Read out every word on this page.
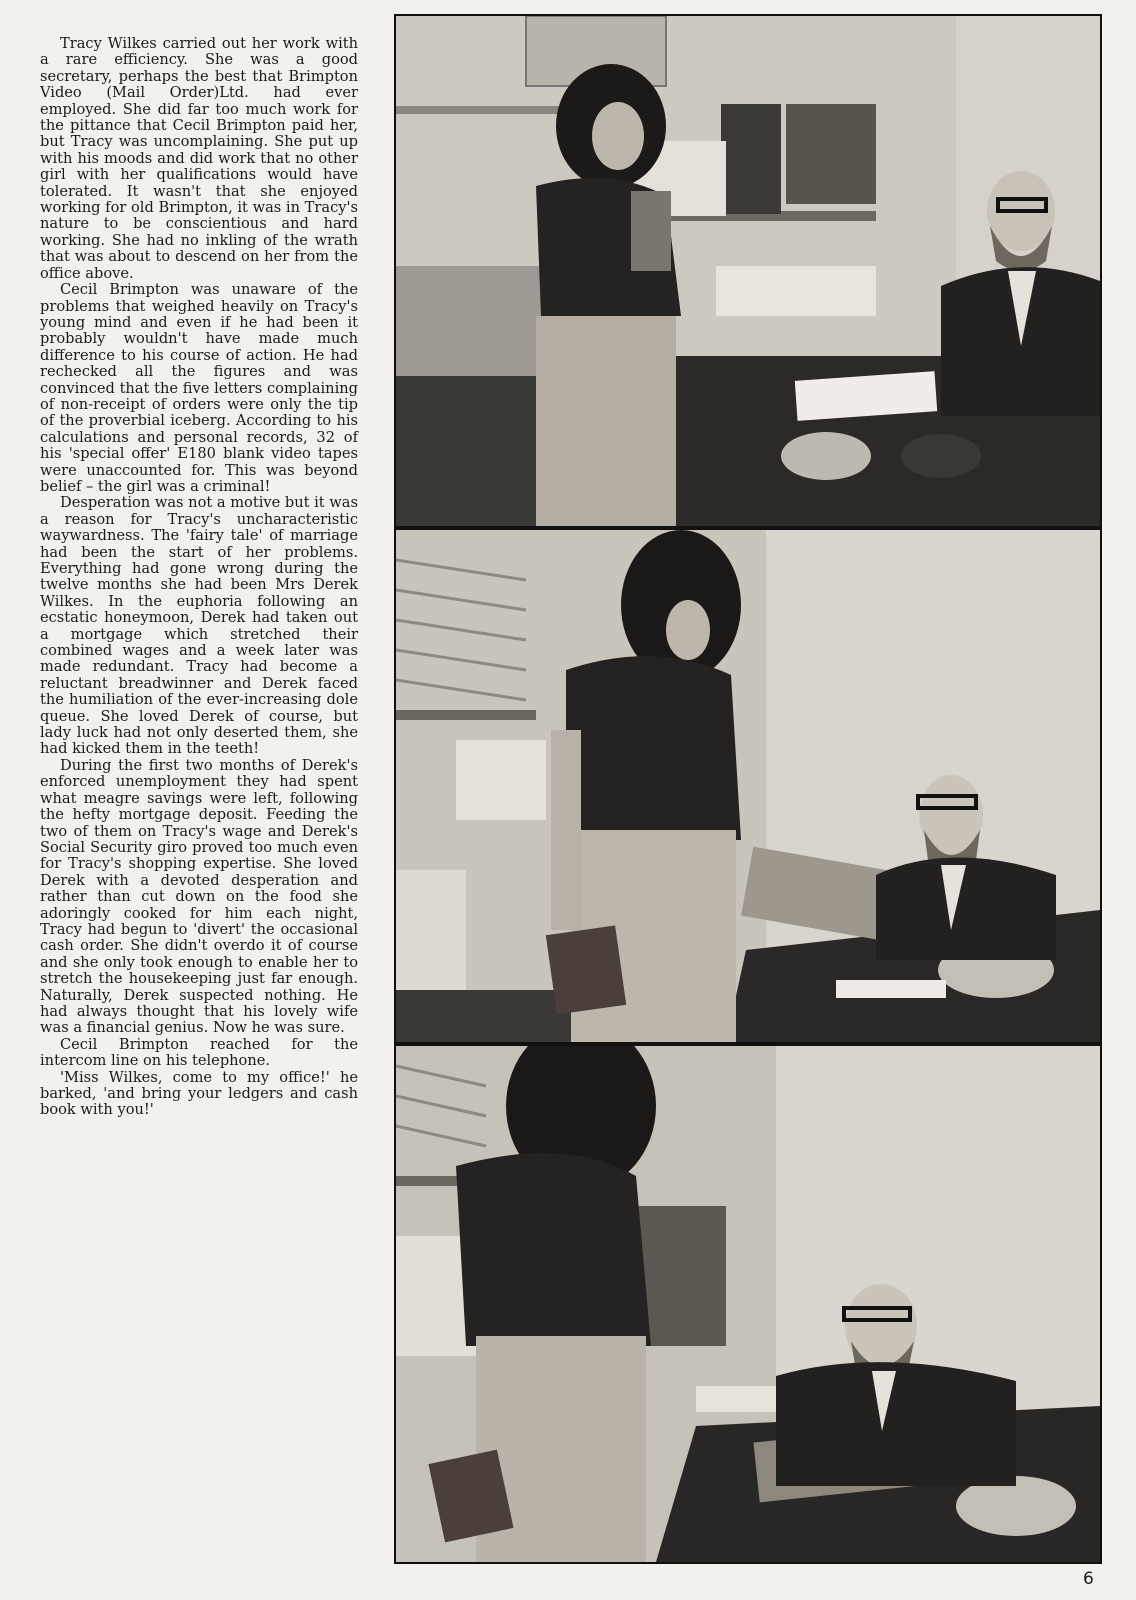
Tracy Wilkes carried out her work with a rare efficiency. She was a good secretary, perhaps the best that Brimpton Video (Mail Order)Ltd. had ever employed. She did far too much work for the pittance that Cecil Brimpton paid her, but Tracy was uncomplaining. She put up with his moods and did work that no other girl with her qualifications would have tolerated. It wasn't that she enjoyed working for old Brimpton, it was in Tracy's nature to be conscientious and hard working. She had no inkling of the wrath that was about to descend on her from the office above.

Cecil Brimpton was unaware of the problems that weighed heavily on Tracy's young mind and even if he had been it probably wouldn't have made much difference to his course of action. He had rechecked all the figures and was convinced that the five letters complaining of non-receipt of orders were only the tip of the proverbial iceberg. According to his calculations and personal records, 32 of his 'special offer' E180 blank video tapes were unaccounted for. This was beyond belief – the girl was a criminal!

Desperation was not a motive but it was a reason for Tracy's uncharacteristic waywardness. The 'fairy tale' of marriage had been the start of her problems. Everything had gone wrong during the twelve months she had been Mrs Derek Wilkes. In the euphoria following an ecstatic honeymoon, Derek had taken out a mortgage which stretched their combined wages and a week later was made redundant. Tracy had become a reluctant breadwinner and Derek faced the humiliation of the ever-increasing dole queue. She loved Derek of course, but lady luck had not only deserted them, she had kicked them in the teeth!

During the first two months of Derek's enforced unemployment they had spent what meagre savings were left, following the hefty mortgage deposit. Feeding the two of them on Tracy's wage and Derek's Social Security giro proved too much even for Tracy's shopping expertise. She loved Derek with a devoted desperation and rather than cut down on the food she adoringly cooked for him each night, Tracy had begun to 'divert' the occasional cash order. She didn't overdo it of course and she only took enough to enable her to stretch the housekeeping just far enough. Naturally, Derek suspected nothing. He had always thought that his lovely wife was a financial genius. Now he was sure.

Cecil Brimpton reached for the intercom line on his telephone.

'Miss Wilkes, come to my office!' he barked, 'and bring your ledgers and cash book with you!'

6
